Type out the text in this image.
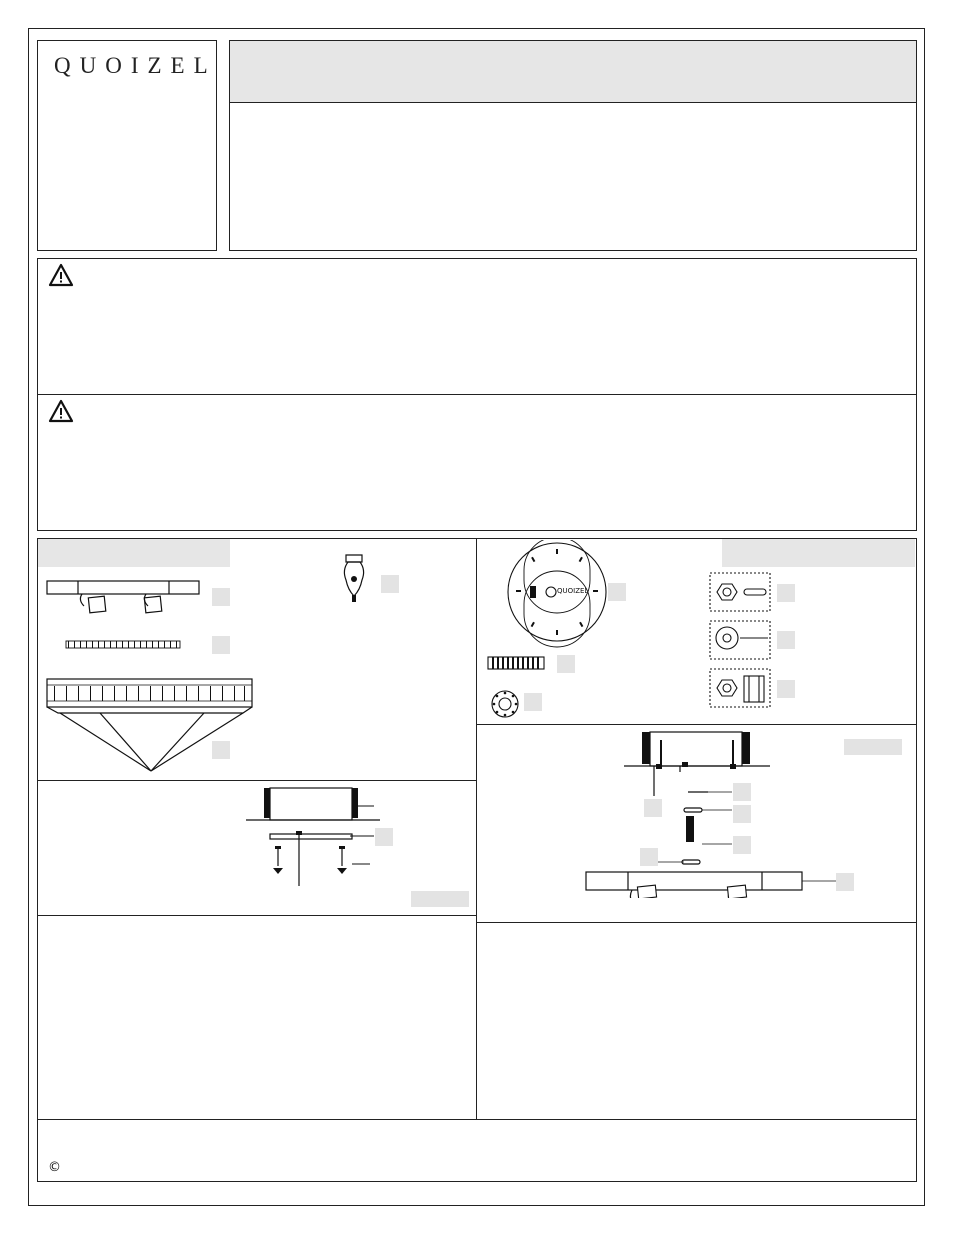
QUOIZEL
QUOIZEL
©
